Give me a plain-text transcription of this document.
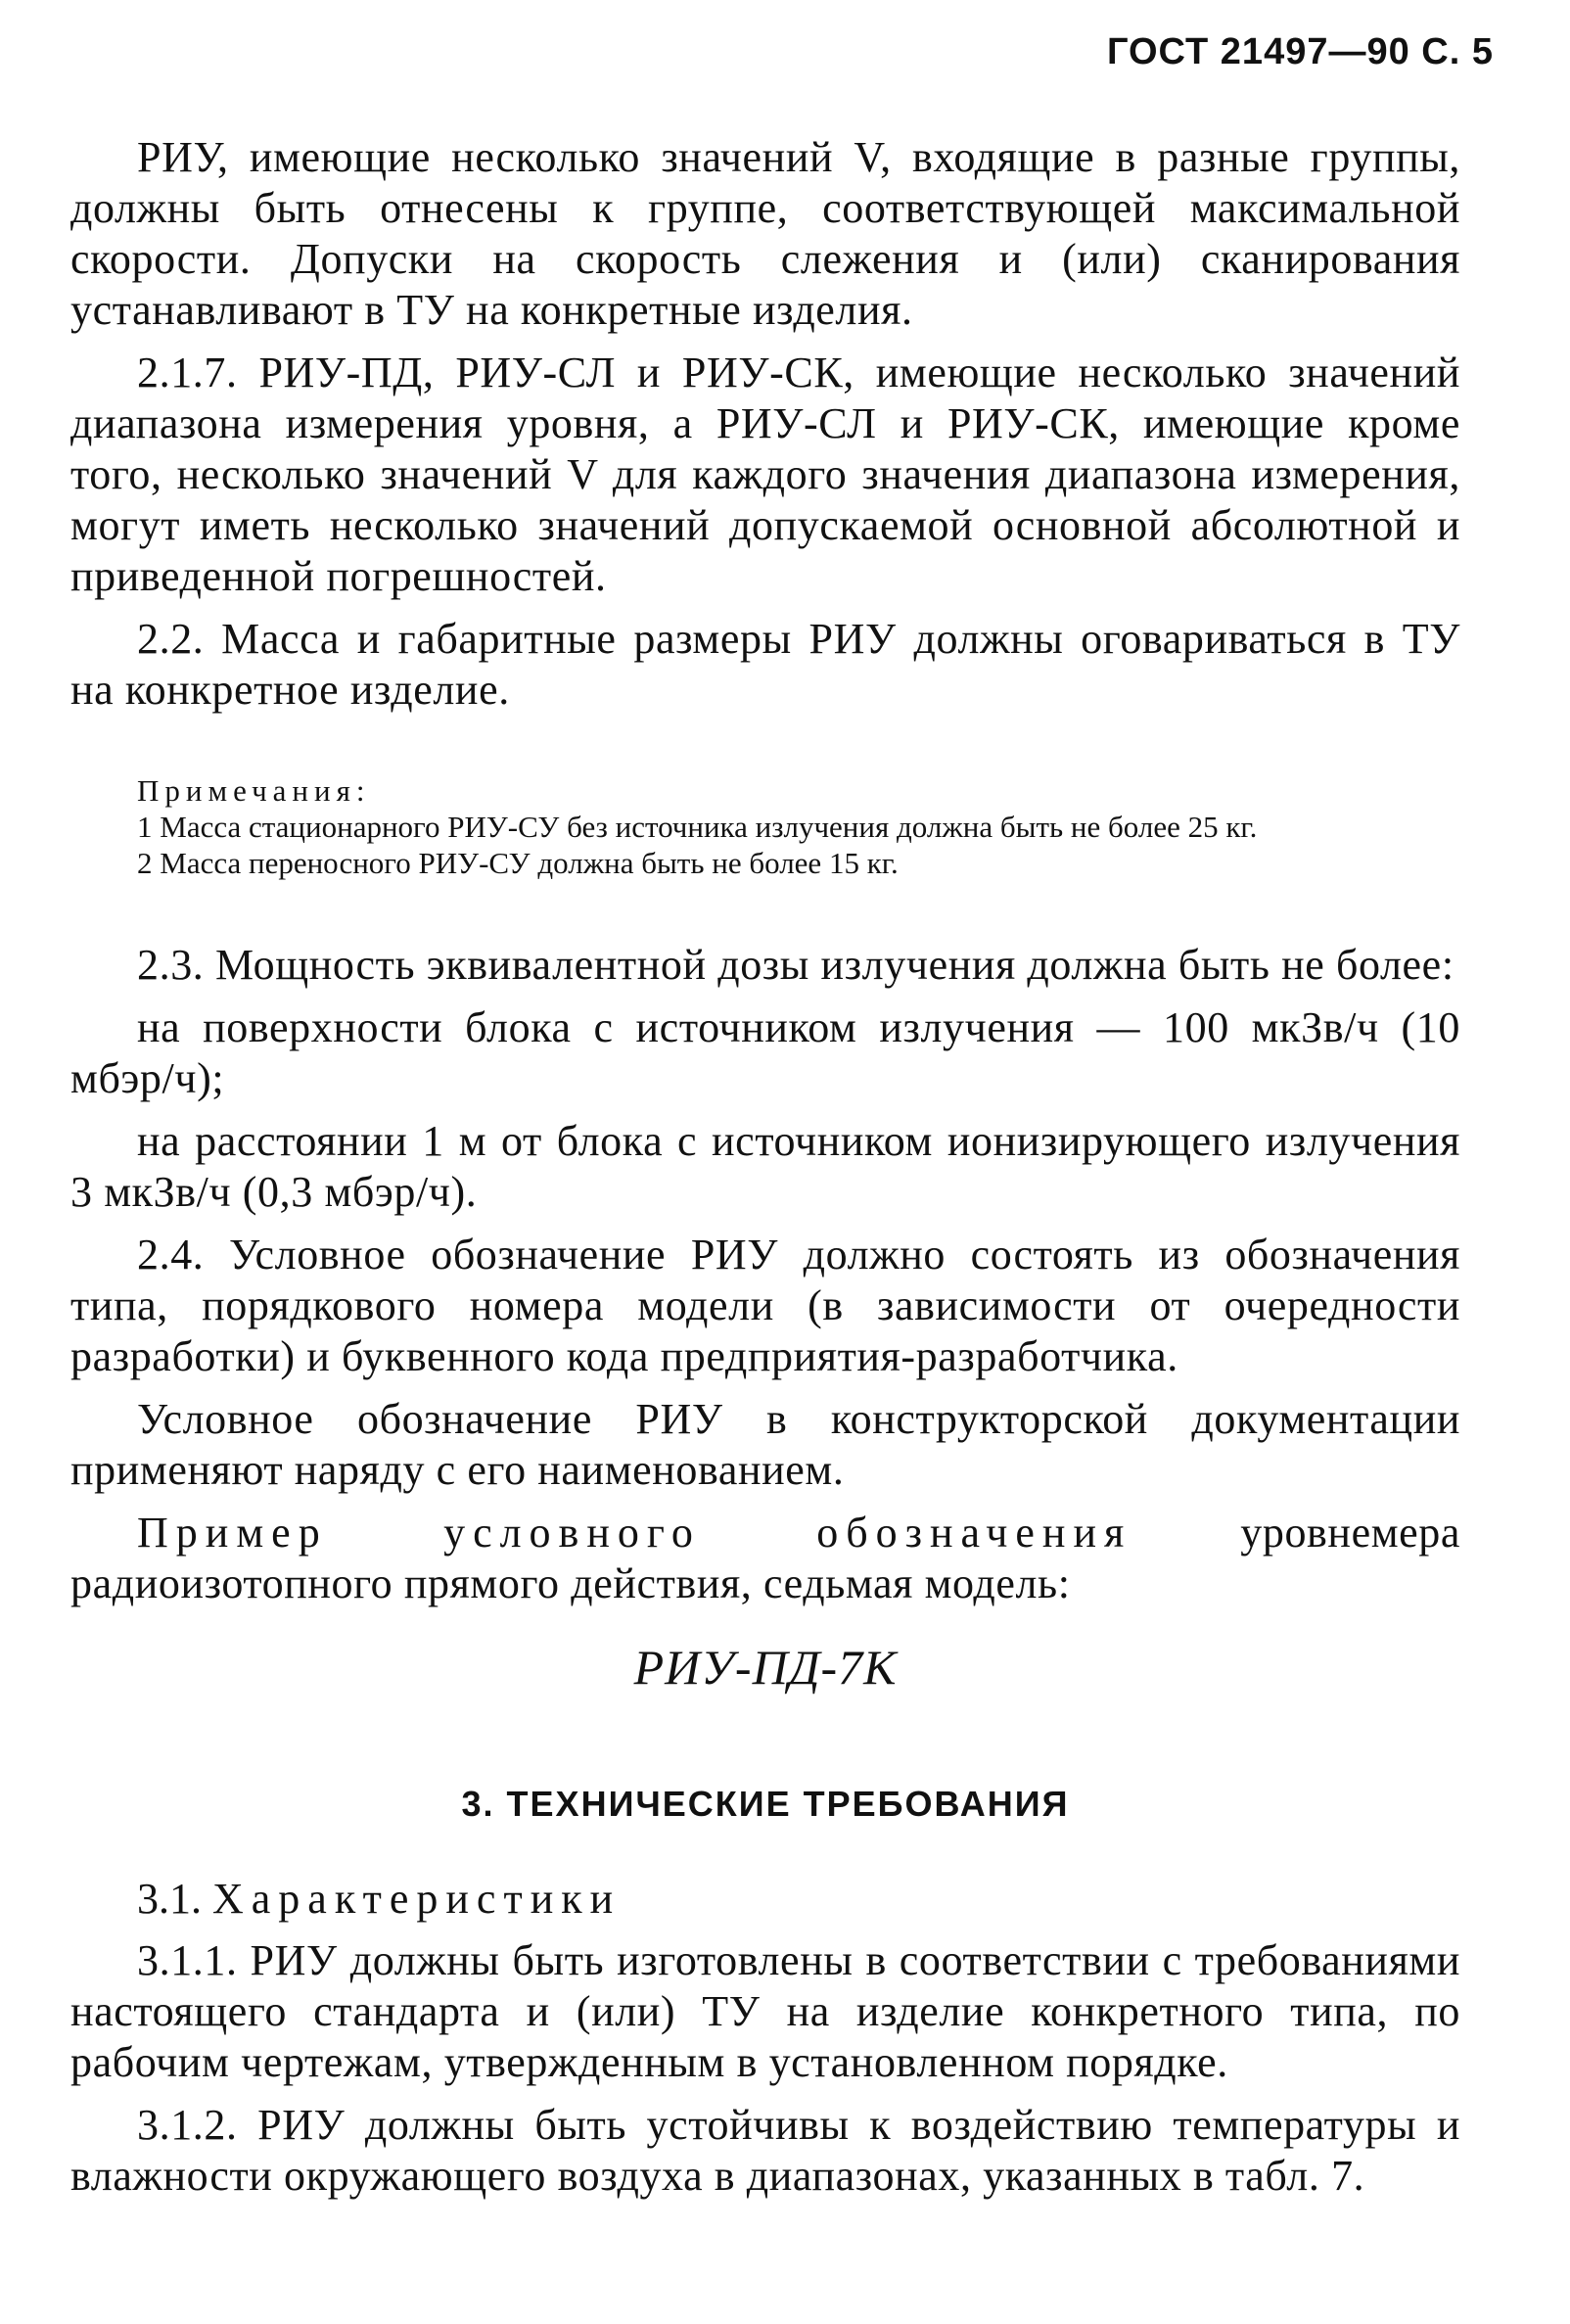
ГОСТ 21497—90 С. 5

РИУ, имеющие несколько значений V, входящие в разные группы, должны быть отнесены к группе, соответствующей максимальной скорости. Допуски на скорость слежения и (или) сканирования устанавливают в ТУ на конкретные изделия.

2.1.7. РИУ-ПД, РИУ-СЛ и РИУ-СК, имеющие несколько значений диапазона измерения уровня, а РИУ-СЛ и РИУ-СК, имеющие кроме того, несколько значений V для каждого значения диапазона измерения, могут иметь несколько значений допускаемой основной абсолютной и приведенной погрешностей.

2.2. Масса и габаритные размеры РИУ должны оговариваться в ТУ на конкретное изделие.

Примечания:
1 Масса стационарного РИУ-СУ без источника излучения должна быть не более 25 кг.
2 Масса переносного РИУ-СУ должна быть не более 15 кг.

2.3. Мощность эквивалентной дозы излучения должна быть не более:

на поверхности блока с источником излучения — 100 мкЗв/ч (10 мбэр/ч);

на расстоянии 1 м от блока с источником ионизирующего излучения 3 мкЗв/ч (0,3 мбэр/ч).

2.4. Условное обозначение РИУ должно состоять из обозначения типа, порядкового номера модели (в зависимости от очередности разработки) и буквенного кода предприятия-разработчика.

Условное обозначение РИУ в конструкторской документации применяют наряду с его наименованием.

Пример условного обозначения уровнемера радиоизотопного прямого действия, седьмая модель:

РИУ-ПД-7К
3. ТЕХНИЧЕСКИЕ ТРЕБОВАНИЯ
3.1. Характеристики

3.1.1. РИУ должны быть изготовлены в соответствии с требованиями настоящего стандарта и (или) ТУ на изделие конкретного типа, по рабочим чертежам, утвержденным в установленном порядке.

3.1.2. РИУ должны быть устойчивы к воздействию температуры и влажности окружающего воздуха в диапазонах, указанных в табл. 7.
